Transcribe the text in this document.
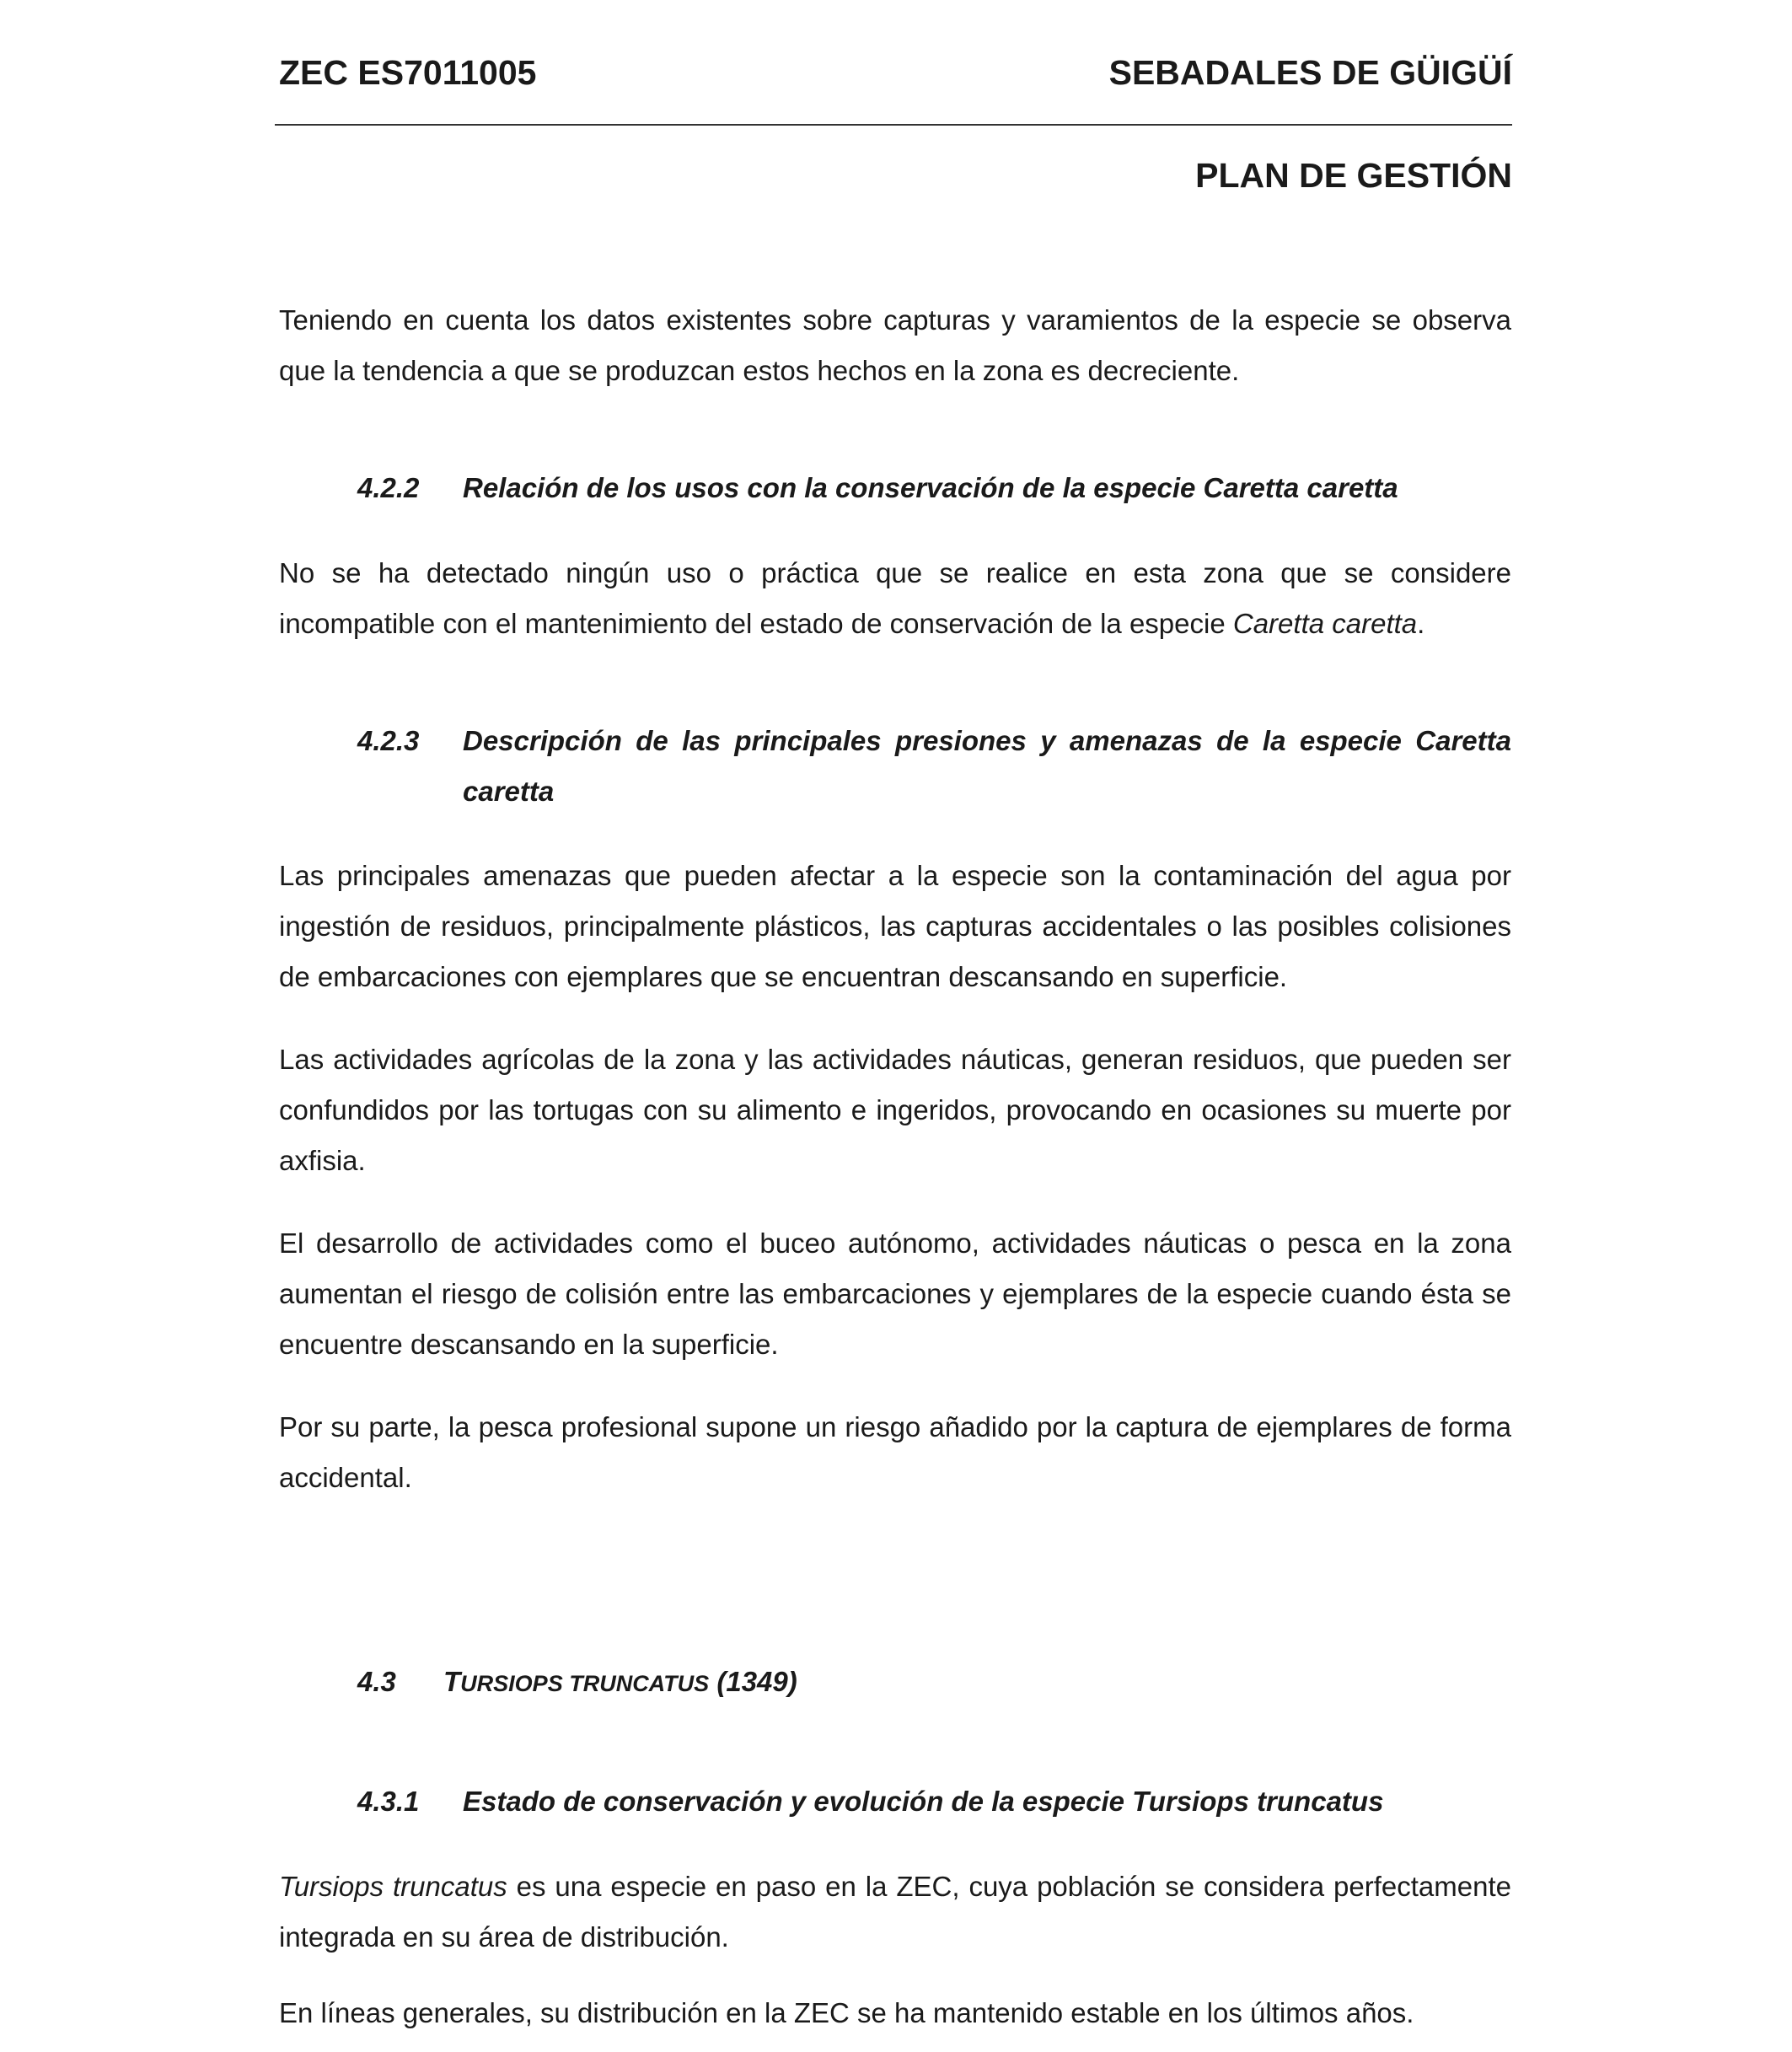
ZEC ES7011005	SEBADALES DE GÜIGÜÍ
PLAN DE GESTIÓN

Teniendo en cuenta los datos existentes sobre capturas y varamientos de la especie se observa que la tendencia a que se produzcan estos hechos en la zona es decreciente.

4.2.2 Relación de los usos con la conservación de la especie Caretta caretta

No se ha detectado ningún uso o práctica que se realice en esta zona que se considere incompatible con el mantenimiento del estado de conservación de la especie Caretta caretta.

4.2.3 Descripción de las principales presiones y amenazas de la especie Caretta caretta

Las principales amenazas que pueden afectar a la especie son la contaminación del agua por ingestión de residuos, principalmente plásticos, las capturas accidentales o las posibles colisiones de embarcaciones con ejemplares que se encuentran descansando en superficie.

Las actividades agrícolas de la zona y las actividades náuticas, generan residuos, que pueden ser confundidos por las tortugas con su alimento e ingeridos, provocando en ocasiones su muerte por axfisia.

El desarrollo de actividades como el buceo autónomo, actividades náuticas o pesca en la zona aumentan el riesgo de colisión entre las embarcaciones y ejemplares de la especie cuando ésta se encuentre descansando en la superficie.

Por su parte, la pesca profesional supone un riesgo añadido por la captura de ejemplares de forma accidental.

4.3 TURSIOPS TRUNCATUS (1349)
4.3.1 Estado de conservación y evolución de la especie Tursiops truncatus

Tursiops truncatus es una especie en paso en la ZEC, cuya población se considera perfectamente integrada en su área de distribución.

En líneas generales, su distribución en la ZEC se ha mantenido estable en los últimos años.
